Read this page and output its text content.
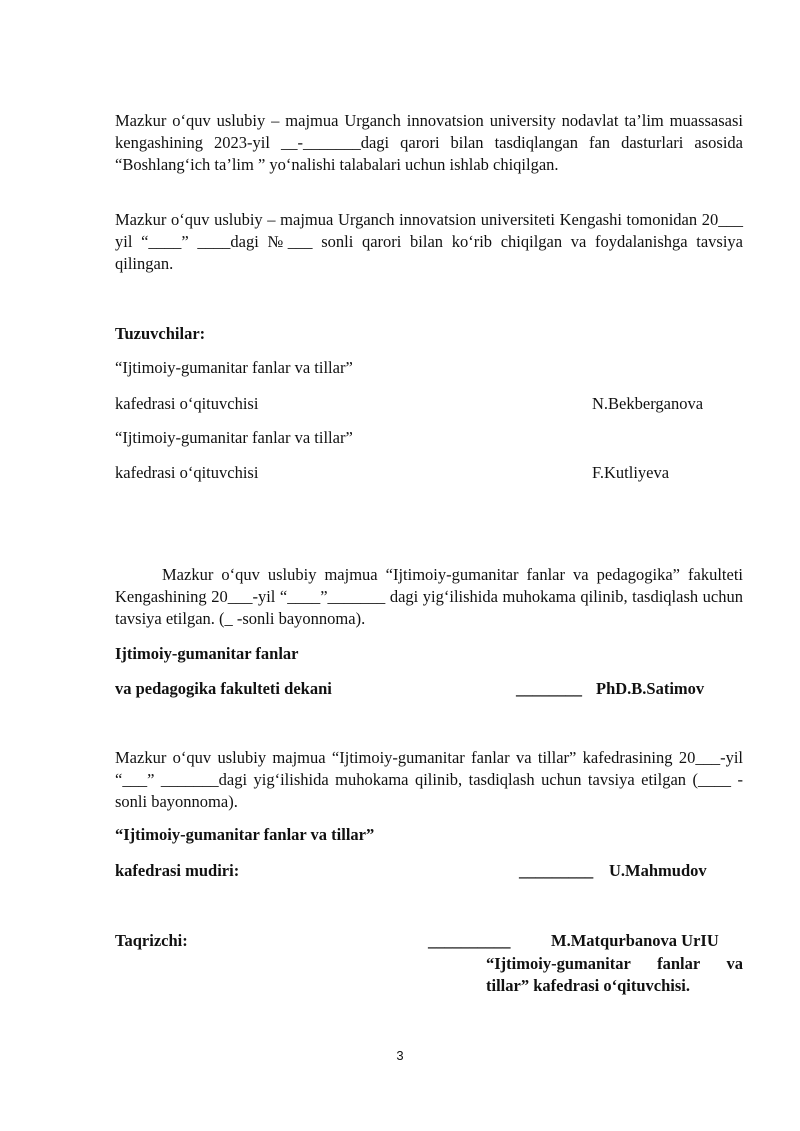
Mazkur o‘quv uslubiy – majmua Urganch innovatsion university nodavlat ta’lim muassasasi kengashining 2023-yil __-_______dagi qarori bilan tasdiqlangan fan dasturlari asosida “Boshlang‘ich ta’lim ” yo‘nalishi talabalari uchun ishlab chiqilgan.

Mazkur o‘quv uslubiy – majmua Urganch innovatsion universiteti Kengashi tomonidan 20___ yil “____” ____dagi №___ sonli qarori bilan ko‘rib chiqilgan va foydalanishga tavsiya qilingan.

Tuzuvchilar:
“Ijtimoiy-gumanitar fanlar va tillar”
kafedrasi o‘qituvchisi	N.Bekberganova
“Ijtimoiy-gumanitar fanlar va tillar”
kafedrasi o‘qituvchisi	F.Kutliyeva

Mazkur o‘quv uslubiy majmua “Ijtimoiy-gumanitar fanlar va pedagogika” fakulteti Kengashining 20___-yil “____”_______ dagi yig‘ilishida muhokama qilinib, tasdiqlash uchun tavsiya etilgan. (_ -sonli bayonnoma).

Ijtimoiy-gumanitar fanlar
va pedagogika fakulteti dekani	________ PhD.B.Satimov

Mazkur o‘quv uslubiy majmua “Ijtimoiy-gumanitar fanlar va tillar” kafedrasining 20___-yil “___” _______dagi yig‘ilishida muhokama qilinib, tasdiqlash uchun tavsiya etilgan (____ -sonli bayonnoma).

“Ijtimoiy-gumanitar fanlar va tillar”
kafedrasi mudiri:	_________ U.Mahmudov
Taqrizchi:	__________ M.Matqurbanova UrIU
“Ijtimoiy-gumanitar fanlar va tillar” kafedrasi o‘qituvchisi.
3
